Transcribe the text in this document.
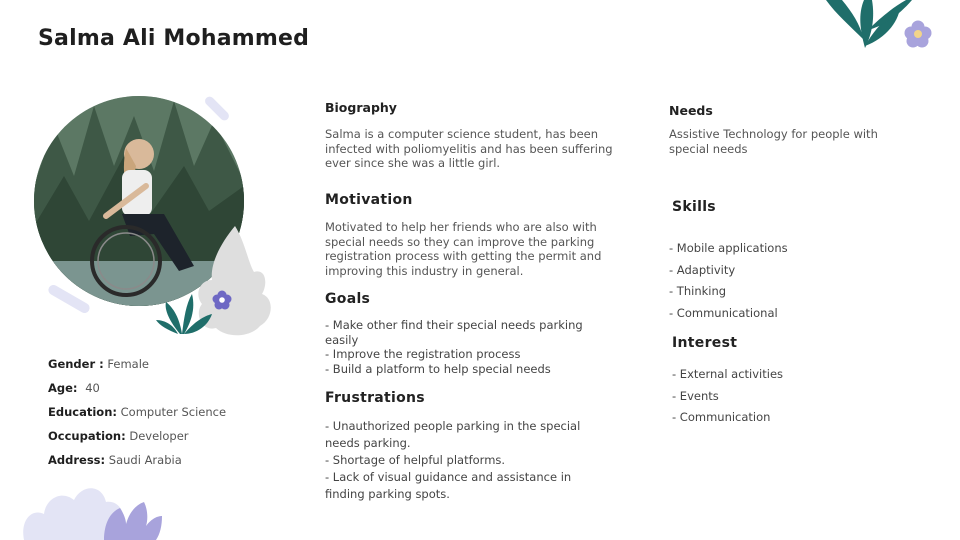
Salma Ali Mohammed
Gender : Female
Age: 40
Education: Computer Science
Occupation: Developer
Address: Saudi Arabia
Biography
Salma is a computer science student, has been infected with poliomyelitis and has been suffering ever since she was a little girl.
Motivation
Motivated to help her friends who are also with special needs so they can improve the parking registration process with getting the permit and improving this industry in general.
Goals
- Make other find their special needs parking easily
- Improve the registration process
- Build a platform to help special needs
Frustrations
- Unauthorized people parking in the special needs parking.
- Shortage of helpful platforms.
- Lack of visual guidance and assistance in finding parking spots.
Needs
Assistive Technology for people with special needs
Skills
- Mobile applications
- Adaptivity
- Thinking
- Communicational
Interest
- External activities
- Events
- Communication
